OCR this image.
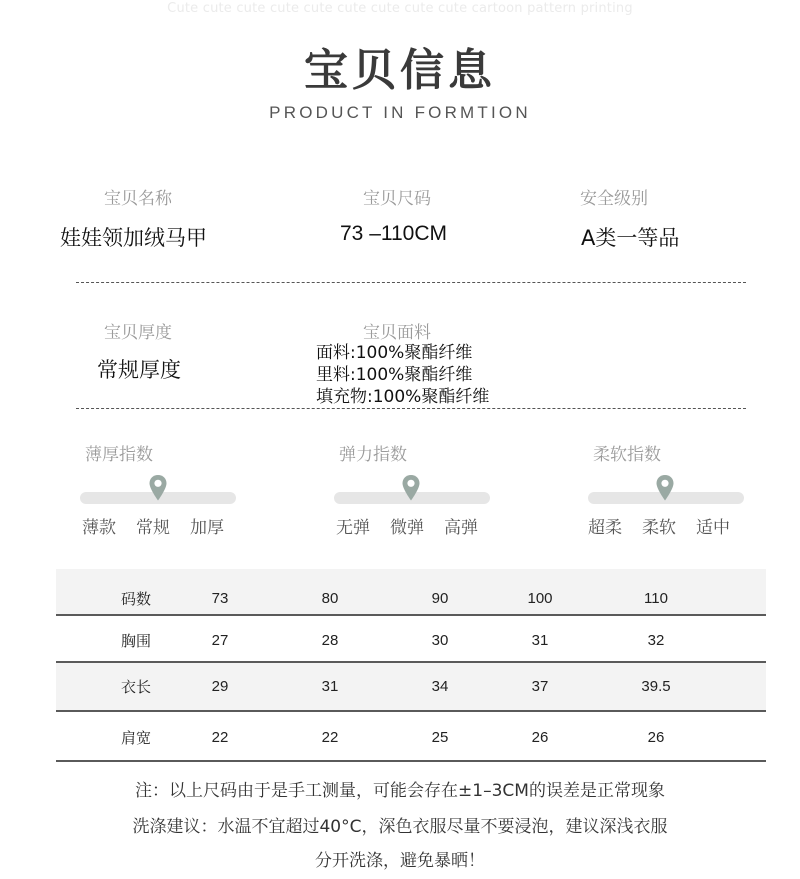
Cute cute cute cute cute cute cute cute cute cartoon pattern printing
宝贝信息
PRODUCT IN FORMTION
宝贝名称
娃娃领加绒马甲
宝贝尺码
73 –110CM
安全级别
A类一等品
宝贝厚度
常规厚度
宝贝面料
面料:100%聚酯纤维
里料:100%聚酯纤维
填充物:100%聚酯纤维
薄厚指数
薄款 常规 加厚
弹力指数
无弹 微弹 高弹
柔软指数
超柔 柔软 适中
码数	73	80	90	100	110
胸围	27	28	30	31	32
衣长	29	31	34	37	39.5
肩宽	22	22	25	26	26
注：以上尺码由于是手工测量，可能会存在±1–3CM的误差是正常现象
洗涤建议：水温不宜超过40°C，深色衣服尽量不要浸泡，建议深浅衣服
分开洗涤，避免暴晒！
